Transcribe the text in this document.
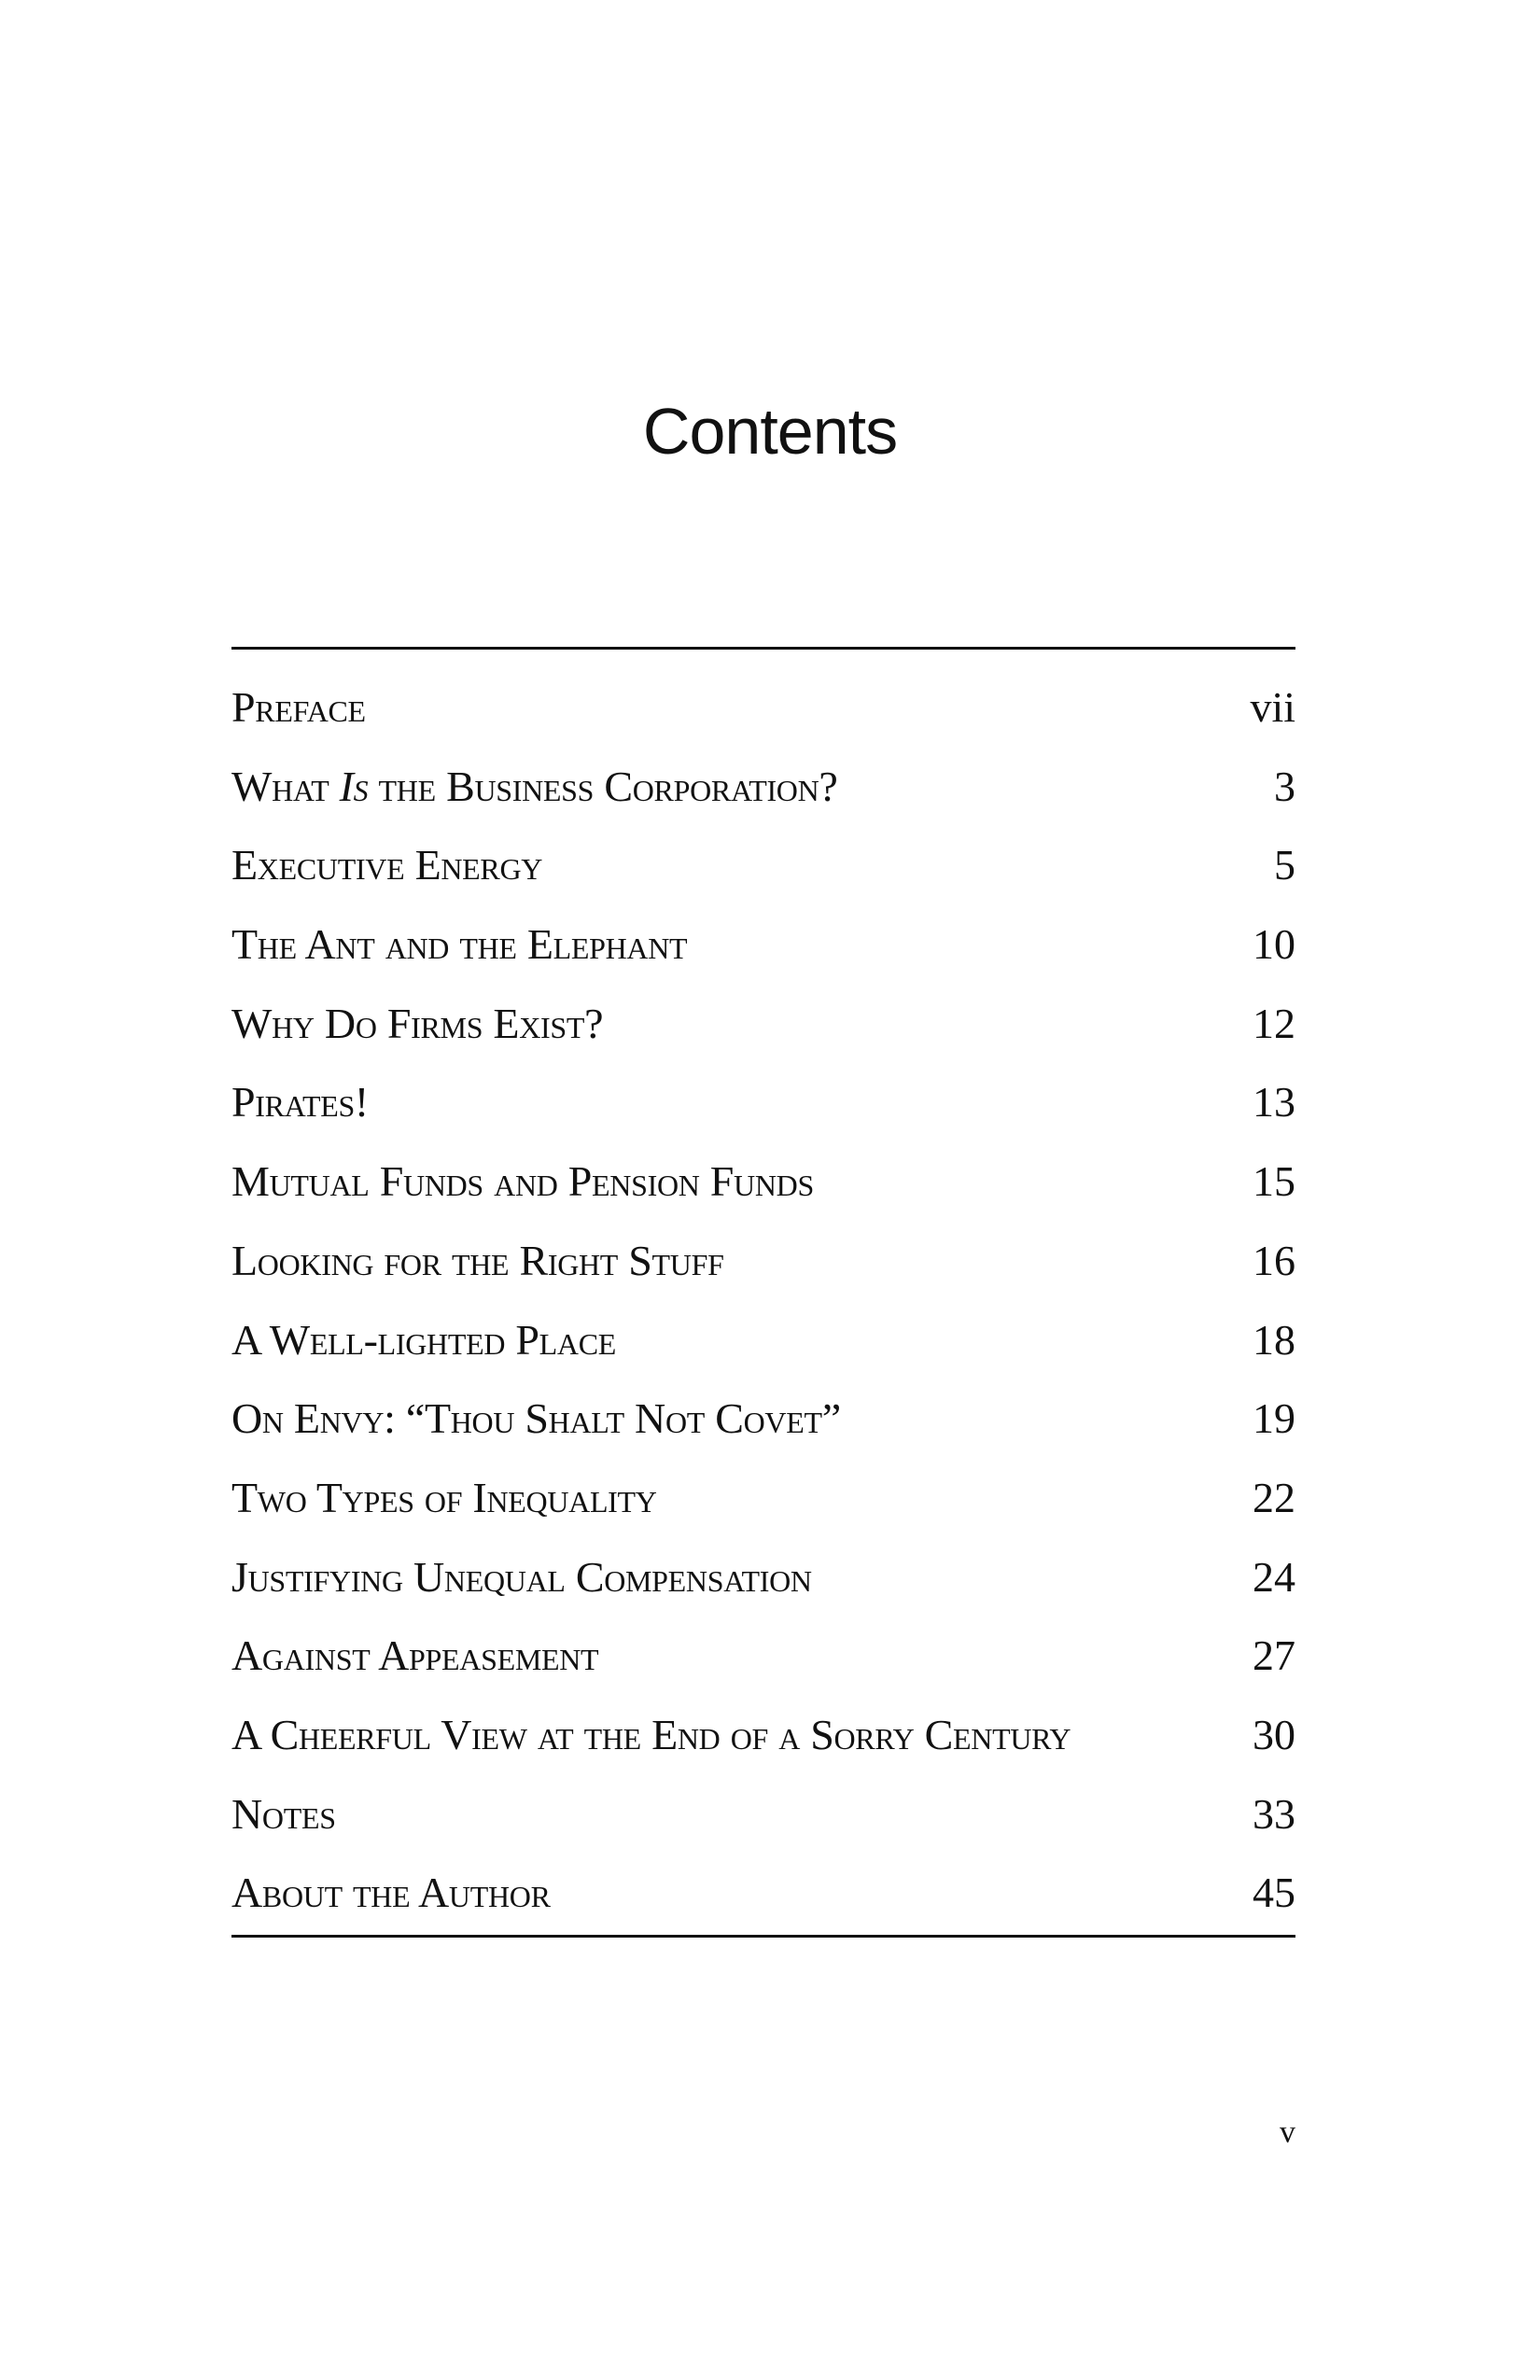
Contents
Preface	vii
What Is the Business Corporation?	3
Executive Energy	5
The Ant and the Elephant	10
Why Do Firms Exist?	12
Pirates!	13
Mutual Funds and Pension Funds	15
Looking for the Right Stuff	16
A Well-lighted Place	18
On Envy: “Thou Shalt Not Covet”	19
Two Types of Inequality	22
Justifying Unequal Compensation	24
Against Appeasement	27
A Cheerful View at the End of a Sorry Century	30
Notes	33
About the Author	45
v
